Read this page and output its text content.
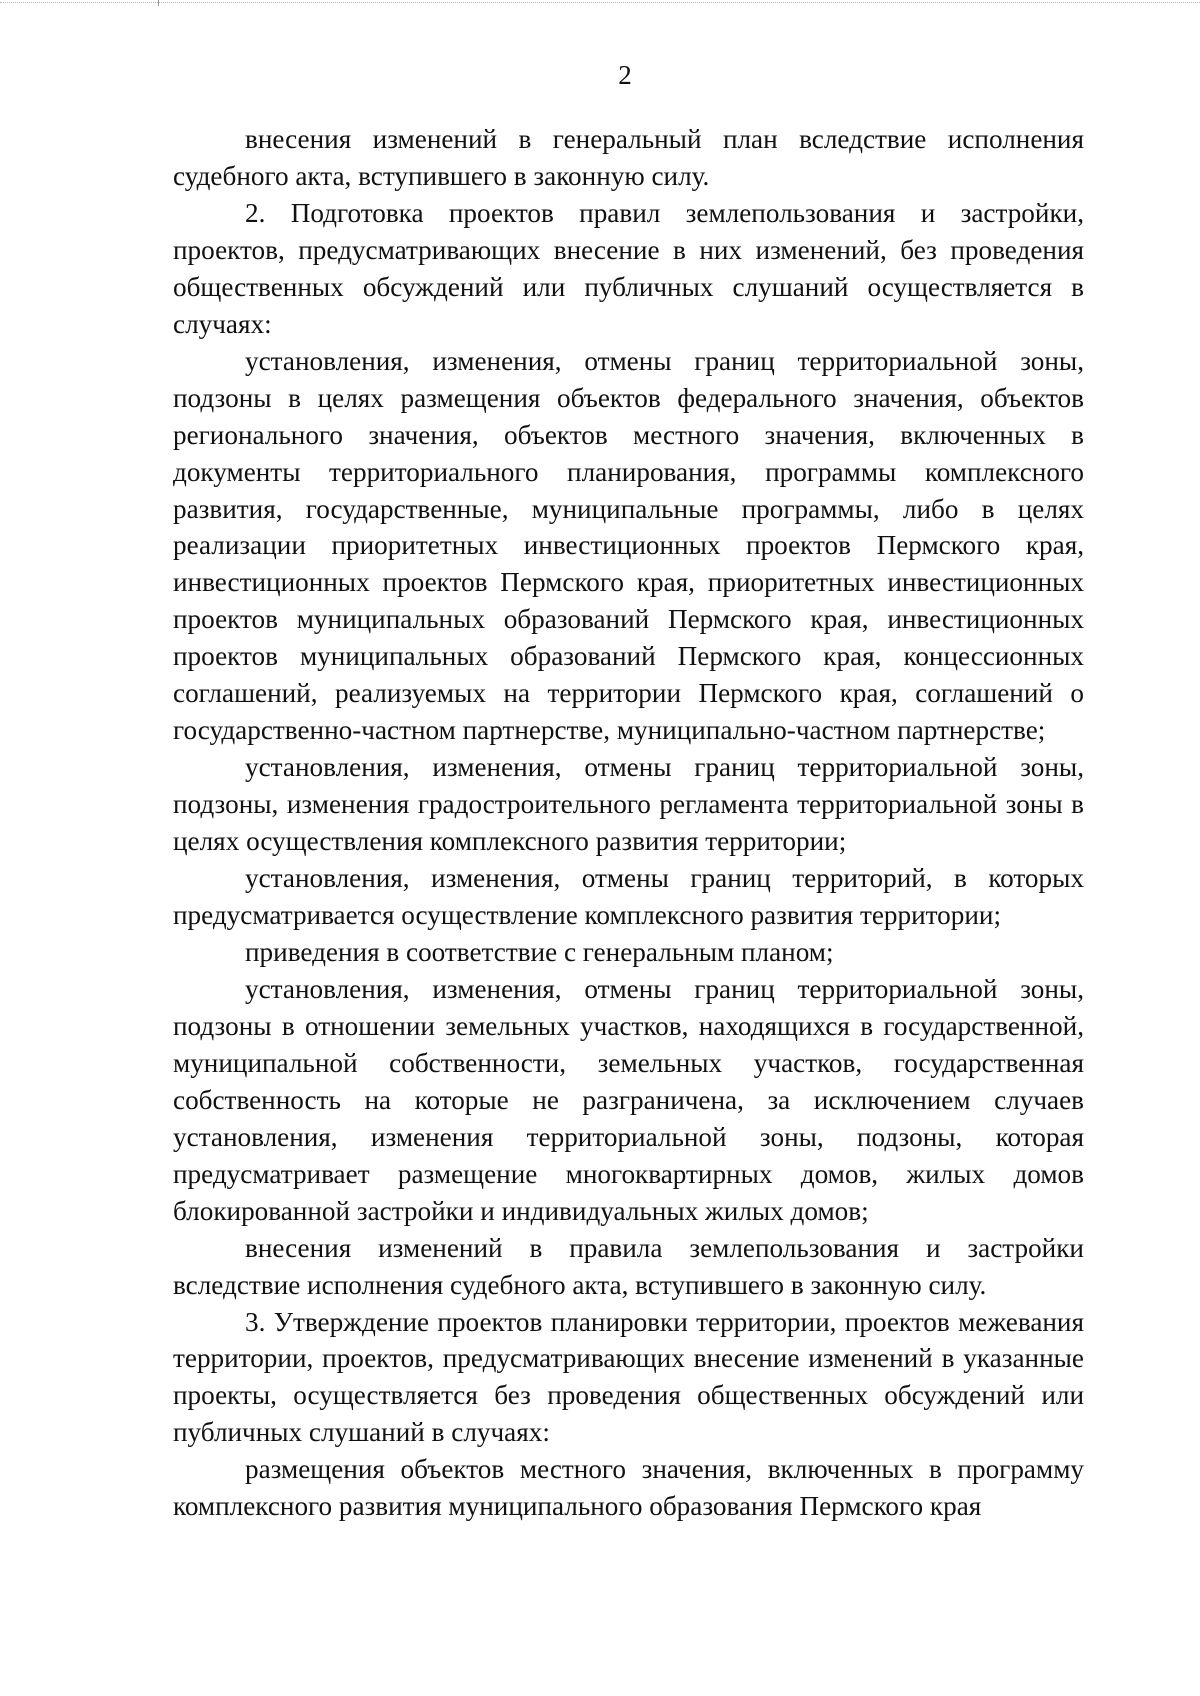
2

внесения изменений в генеральный план вследствие исполнения судебного акта, вступившего в законную силу.

2. Подготовка проектов правил землепользования и застройки, проектов, предусматривающих внесение в них изменений, без проведения общественных обсуждений или публичных слушаний осуществляется в случаях:

установления, изменения, отмены границ территориальной зоны, подзоны в целях размещения объектов федерального значения, объектов регионального значения, объектов местного значения, включенных в документы территориального планирования, программы комплексного развития, государственные, муниципальные программы, либо в целях реализации приоритетных инвестиционных проектов Пермского края, инвестиционных проектов Пермского края, приоритетных инвестиционных проектов муниципальных образований Пермского края, инвестиционных проектов муниципальных образований Пермского края, концессионных соглашений, реализуемых на территории Пермского края, соглашений о государственно-частном партнерстве, муниципально-частном партнерстве;

установления, изменения, отмены границ территориальной зоны, подзоны, изменения градостроительного регламента территориальной зоны в целях осуществления комплексного развития территории;

установления, изменения, отмены границ территорий, в которых предусматривается осуществление комплексного развития территории;

приведения в соответствие с генеральным планом;

установления, изменения, отмены границ территориальной зоны, подзоны в отношении земельных участков, находящихся в государственной, муниципальной собственности, земельных участков, государственная собственность на которые не разграничена, за исключением случаев установления, изменения территориальной зоны, подзоны, которая предусматривает размещение многоквартирных домов, жилых домов блокированной застройки и индивидуальных жилых домов;

внесения изменений в правила землепользования и застройки вследствие исполнения судебного акта, вступившего в законную силу.

3. Утверждение проектов планировки территории, проектов межевания территории, проектов, предусматривающих внесение изменений в указанные проекты, осуществляется без проведения общественных обсуждений или публичных слушаний в случаях:

размещения объектов местного значения, включенных в программу комплексного развития муниципального образования Пермского края
